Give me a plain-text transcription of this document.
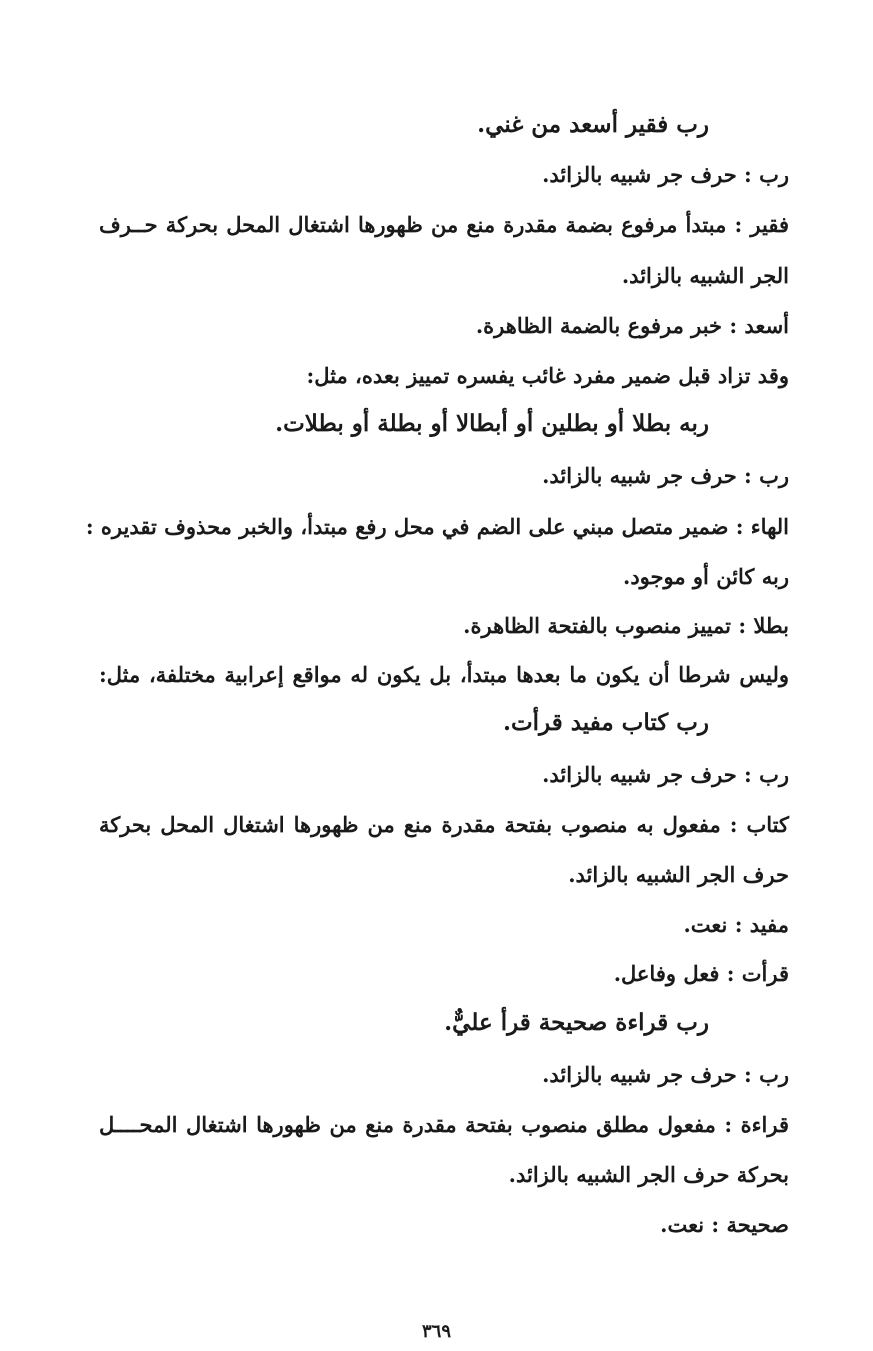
رب فقير أسعد من غني.
رب : حرف جر شبيه بالزائد.
فقير : مبتدأ مرفوع بضمة مقدرة منع من ظهورها اشتغال المحل بحركة حــرف
الجر الشبيه بالزائد.
أسعد : خبر مرفوع بالضمة الظاهرة.
وقد تزاد قبل ضمير مفرد غائب يفسره تمييز بعده، مثل:
ربه بطلا أو بطلين أو أبطالا أو بطلة أو بطلات.
رب : حرف جر شبيه بالزائد.
الهاء : ضمير متصل مبني على الضم في محل رفع مبتدأ، والخبر محذوف تقديره :
ربه كائن أو موجود.
بطلا : تمييز منصوب بالفتحة الظاهرة.
وليس شرطا أن يكون ما بعدها مبتدأ، بل يكون له مواقع إعرابية مختلفة، مثل:
رب كتاب مفيد قرأت.
رب : حرف جر شبيه بالزائد.
كتاب : مفعول به منصوب بفتحة مقدرة منع من ظهورها اشتغال المحل بحركة
حرف الجر الشبيه بالزائد.
مفيد : نعت.
قرأت : فعل وفاعل.
رب قراءة صحيحة قرأ عليٌّ.
رب : حرف جر شبيه بالزائد.
قراءة : مفعول مطلق منصوب بفتحة مقدرة منع من ظهورها اشتغال المحــــل
بحركة حرف الجر الشبيه بالزائد.
صحيحة : نعت.
٣٦٩
